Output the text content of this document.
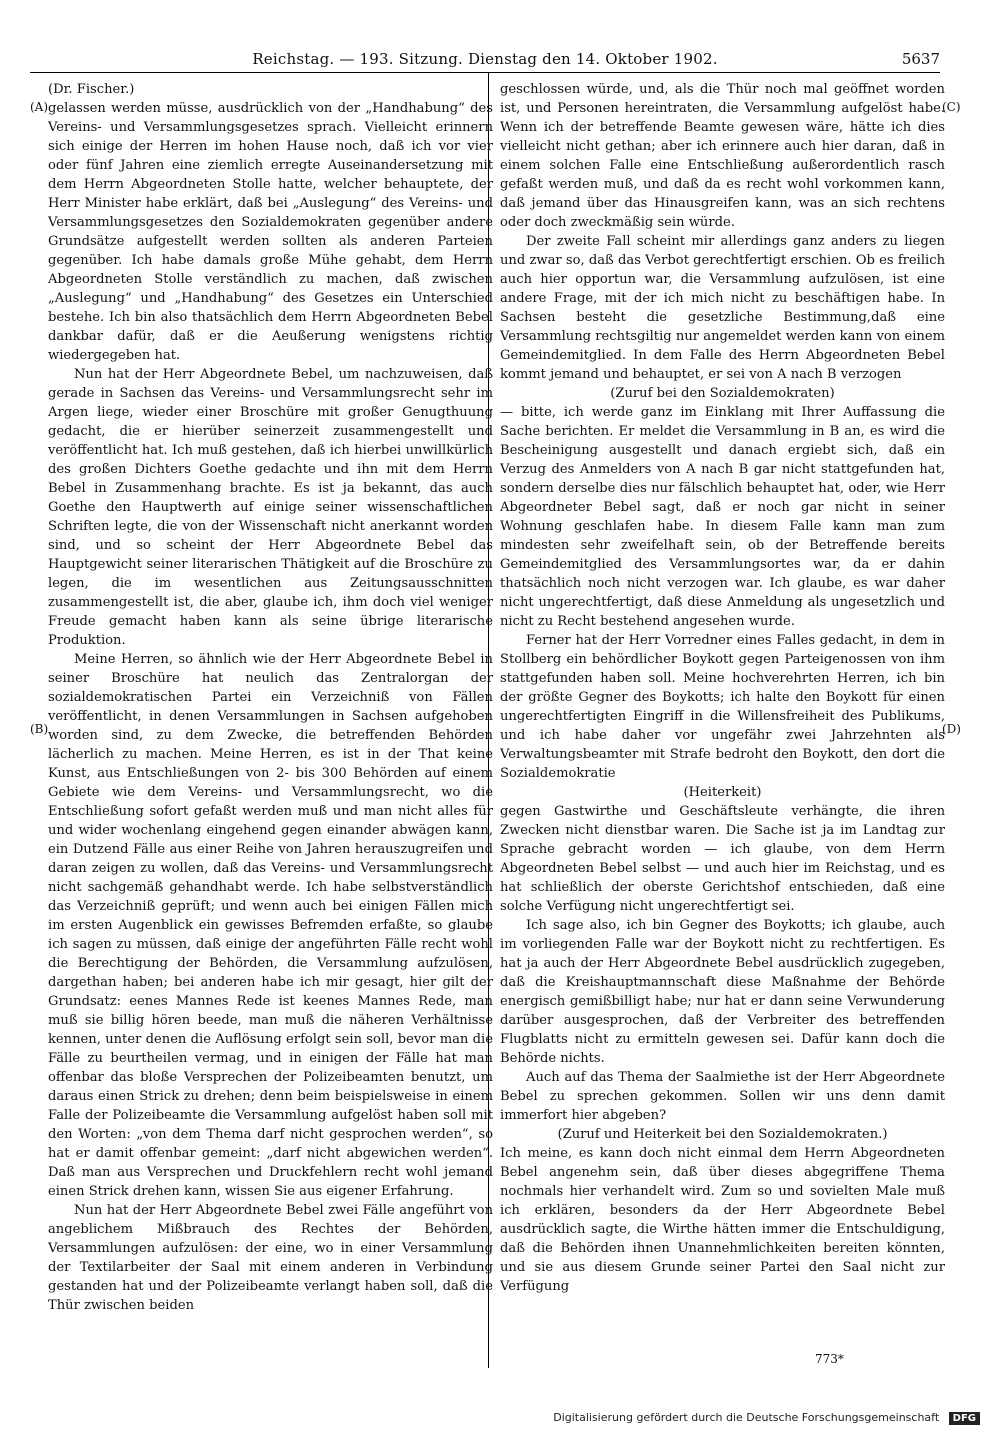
Reichstag. — 193. Sitzung. Dienstag den 14. Oktober 1902.	5637
(A)
(B)
(C)
(D)

(Dr. Fischer.)

gelassen werden müsse, ausdrücklich von der „Handhabung“ des Vereins- und Versammlungsgesetzes sprach. Vielleicht erinnern sich einige der Herren im hohen Hause noch, daß ich vor vier oder fünf Jahren eine ziemlich erregte Auseinandersetzung mit dem Herrn Abgeordneten Stolle hatte, welcher behauptete, der Herr Minister habe erklärt, daß bei „Auslegung“ des Vereins- und Versammlungsgesetzes den Sozialdemokraten gegenüber andere Grundsätze aufgestellt werden sollten als anderen Parteien gegenüber. Ich habe damals große Mühe gehabt, dem Herrn Abgeordneten Stolle verständlich zu machen, daß zwischen „Auslegung“ und „Handhabung“ des Gesetzes ein Unterschied bestehe. Ich bin also thatsächlich dem Herrn Abgeordneten Bebel dankbar dafür, daß er die Aeußerung wenigstens richtig wiedergegeben hat.

Nun hat der Herr Abgeordnete Bebel, um nachzuweisen, daß gerade in Sachsen das Vereins- und Versammlungsrecht sehr im Argen liege, wieder einer Broschüre mit großer Genugthuung gedacht, die er hierüber seinerzeit zusammengestellt und veröffentlicht hat. Ich muß gestehen, daß ich hierbei unwillkürlich des großen Dichters Goethe gedachte und ihn mit dem Herrn Bebel in Zusammenhang brachte. Es ist ja bekannt, das auch Goethe den Hauptwerth auf einige seiner wissenschaftlichen Schriften legte, die von der Wissenschaft nicht anerkannt worden sind, und so scheint der Herr Abgeordnete Bebel das Hauptgewicht seiner literarischen Thätigkeit auf die Broschüre zu legen, die im wesentlichen aus Zeitungsausschnitten zusammengestellt ist, die aber, glaube ich, ihm doch viel weniger Freude gemacht haben kann als seine übrige literarische Produktion.

Meine Herren, so ähnlich wie der Herr Abgeordnete Bebel in seiner Broschüre hat neulich das Zentralorgan der sozialdemokratischen Partei ein Verzeichniß von Fällen veröffentlicht, in denen Versammlungen in Sachsen aufgehoben worden sind, zu dem Zwecke, die betreffenden Behörden lächerlich zu machen. Meine Herren, es ist in der That keine Kunst, aus Entschließungen von 2- bis 300 Behörden auf einem Gebiete wie dem Vereins- und Versammlungsrecht, wo die Entschließung sofort gefaßt werden muß und man nicht alles für und wider wochenlang eingehend gegen einander abwägen kann, ein Dutzend Fälle aus einer Reihe von Jahren herauszugreifen und daran zeigen zu wollen, daß das Vereins- und Versammlungsrecht nicht sachgemäß gehandhabt werde. Ich habe selbstverständlich das Verzeichniß geprüft; und wenn auch bei einigen Fällen mich im ersten Augenblick ein gewisses Befremden erfaßte, so glaube ich sagen zu müssen, daß einige der angeführten Fälle recht wohl die Berechtigung der Behörden, die Versammlung aufzulösen, dargethan haben; bei anderen habe ich mir gesagt, hier gilt der Grundsatz: eenes Mannes Rede ist keenes Mannes Rede, man muß sie billig hören beede, man muß die näheren Verhältnisse kennen, unter denen die Auflösung erfolgt sein soll, bevor man die Fälle zu beurtheilen vermag, und in einigen der Fälle hat man offenbar das bloße Versprechen der Polizeibeamten benutzt, um daraus einen Strick zu drehen; denn beim beispielsweise in einem Falle der Polizeibeamte die Versammlung aufgelöst haben soll mit den Worten: „von dem Thema darf nicht gesprochen werden“, so hat er damit offenbar gemeint: „darf nicht abgewichen werden“. Daß man aus Versprechen und Druckfehlern recht wohl jemand einen Strick drehen kann, wissen Sie aus eigener Erfahrung.

Nun hat der Herr Abgeordnete Bebel zwei Fälle angeführt von angeblichem Mißbrauch des Rechtes der Behörden, Versammlungen aufzulösen: der eine, wo in einer Versammlung der Textilarbeiter der Saal mit einem anderen in Verbindung gestanden hat und der Polizeibeamte verlangt haben soll, daß die Thür zwischen beiden

geschlossen würde, und, als die Thür noch mal geöffnet worden ist, und Personen hereintraten, die Versammlung aufgelöst habe. Wenn ich der betreffende Beamte gewesen wäre, hätte ich dies vielleicht nicht gethan; aber ich erinnere auch hier daran, daß in einem solchen Falle eine Entschließung außerordentlich rasch gefaßt werden muß, und daß da es recht wohl vorkommen kann, daß jemand über das Hinausgreifen kann, was an sich rechtens oder doch zweckmäßig sein würde.

Der zweite Fall scheint mir allerdings ganz anders zu liegen und zwar so, daß das Verbot gerechtfertigt erschien. Ob es freilich auch hier opportun war, die Versammlung aufzulösen, ist eine andere Frage, mit der ich mich nicht zu beschäftigen habe. In Sachsen besteht die gesetzliche Bestimmung,daß eine Versammlung rechtsgiltig nur angemeldet werden kann von einem Gemeindemitglied. In dem Falle des Herrn Abgeordneten Bebel kommt jemand und behauptet, er sei von A nach B verzogen

(Zuruf bei den Sozialdemokraten)

— bitte, ich werde ganz im Einklang mit Ihrer Auffassung die Sache berichten. Er meldet die Versammlung in B an, es wird die Bescheinigung ausgestellt und danach ergiebt sich, daß ein Verzug des Anmelders von A nach B gar nicht stattgefunden hat, sondern derselbe dies nur fälschlich behauptet hat, oder, wie Herr Abgeordneter Bebel sagt, daß er noch gar nicht in seiner Wohnung geschlafen habe. In diesem Falle kann man zum mindesten sehr zweifelhaft sein, ob der Betreffende bereits Gemeindemitglied des Versammlungsortes war, da er dahin thatsächlich noch nicht verzogen war. Ich glaube, es war daher nicht ungerechtfertigt, daß diese Anmeldung als ungesetzlich und nicht zu Recht bestehend angesehen wurde.

Ferner hat der Herr Vorredner eines Falles gedacht, in dem in Stollberg ein behördlicher Boykott gegen Parteigenossen von ihm stattgefunden haben soll. Meine hochverehrten Herren, ich bin der größte Gegner des Boykotts; ich halte den Boykott für einen ungerechtfertigten Eingriff in die Willensfreiheit des Publikums, und ich habe daher vor ungefähr zwei Jahrzehnten als Verwaltungsbeamter mit Strafe bedroht den Boykott, den dort die Sozialdemokratie

(Heiterkeit)

gegen Gastwirthe und Geschäftsleute verhängte, die ihren Zwecken nicht dienstbar waren. Die Sache ist ja im Landtag zur Sprache gebracht worden — ich glaube, von dem Herrn Abgeordneten Bebel selbst — und auch hier im Reichstag, und es hat schließlich der oberste Gerichtshof entschieden, daß eine solche Verfügung nicht ungerechtfertigt sei.

Ich sage also, ich bin Gegner des Boykotts; ich glaube, auch im vorliegenden Falle war der Boykott nicht zu rechtfertigen. Es hat ja auch der Herr Abgeordnete Bebel ausdrücklich zugegeben, daß die Kreishauptmannschaft diese Maßnahme der Behörde energisch gemißbilligt habe; nur hat er dann seine Verwunderung darüber ausgesprochen, daß der Verbreiter des betreffenden Flugblatts nicht zu ermitteln gewesen sei. Dafür kann doch die Behörde nichts.

Auch auf das Thema der Saalmiethe ist der Herr Abgeordnete Bebel zu sprechen gekommen. Sollen wir uns denn damit immerfort hier abgeben?

(Zuruf und Heiterkeit bei den Sozialdemokraten.)

Ich meine, es kann doch nicht einmal dem Herrn Abgeordneten Bebel angenehm sein, daß über dieses abgegriffene Thema nochmals hier verhandelt wird. Zum so und sovielten Male muß ich erklären, besonders da der Herr Abgeordnete Bebel ausdrücklich sagte, die Wirthe hätten immer die Entschuldigung, daß die Behörden ihnen Unannehmlichkeiten bereiten könnten, und sie aus diesem Grunde seiner Partei den Saal nicht zur Verfügung

773*
Digitalisierung gefördert durch die Deutsche Forschungsgemeinschaft DFG
